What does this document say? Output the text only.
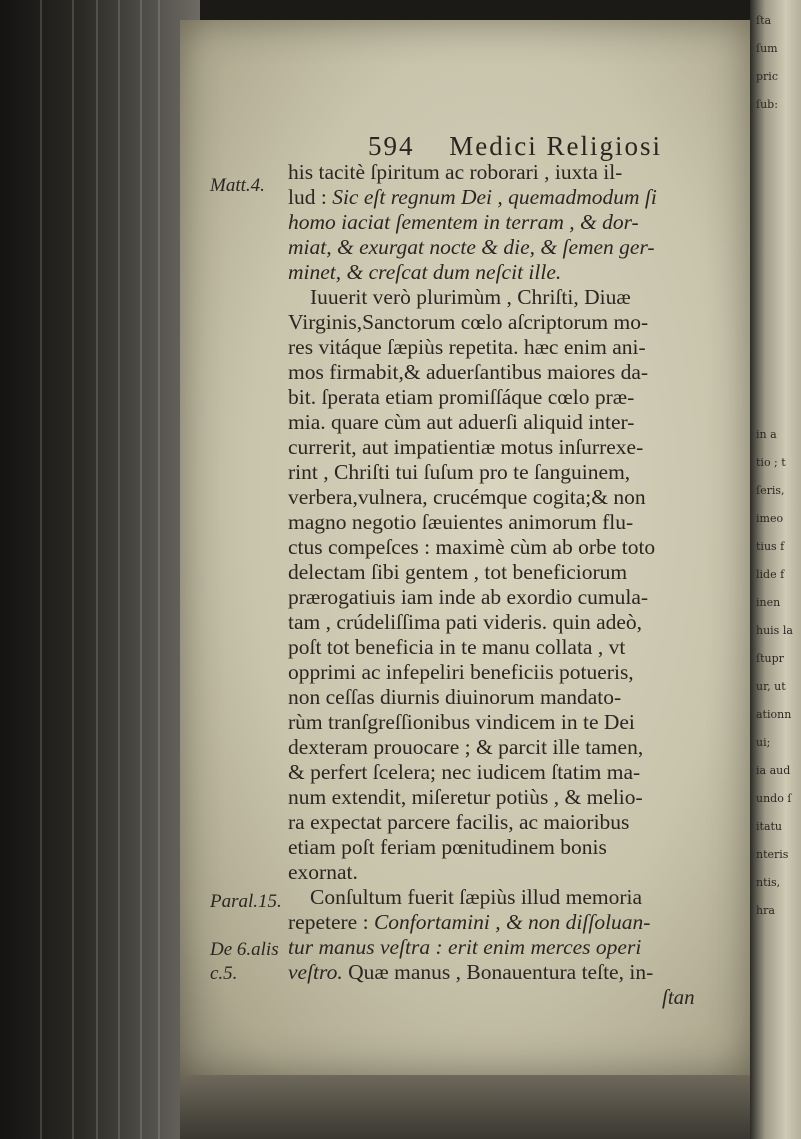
ſta
ſum
pric
ſub:
in a
tio ; t
ſeris,
imeo
tius f
lide f
inen
huis la
ſtupr
ur, ut
ationn
ui;
ia aud
undo ſ
itatu
nteris
ntis,
hra
594 Medici Religiosi
Matt.4.
Paral.15.
De 6.alis
c.5.
his tacitè ſpiritum ac roborari , iuxta il-
lud : Sic eſt regnum Dei , quemadmodum ſi
homo iaciat ſementem in terram , & dor-
miat, & exurgat nocte & die, & ſemen ger-
minet, & creſcat dum neſcit ille.
Iuuerit verò plurimùm , Chriſti, Diuæ
Virginis,Sanctorum cœlo aſcriptorum mo-
res vitáque ſæpiùs repetita. hæc enim ani-
mos firmabit,& aduerſantibus maiores da-
bit. ſperata etiam promiſſáque cœlo præ-
mia. quare cùm aut aduerſi aliquid inter-
currerit, aut impatientiæ motus inſurrexe-
rint , Chriſti tui ſuſum pro te ſanguinem,
verbera,vulnera, crucémque cogita;& non
magno negotio ſæuientes animorum flu-
ctus compeſces : maximè cùm ab orbe toto
delectam ſibi gentem , tot beneficiorum
prærogatiuis iam inde ab exordio cumula-
tam , crúdeliſſima pati videris. quin adeò,
poſt tot beneficia in te manu collata , vt
opprimi ac infepeliri beneficiis potueris,
non ceſſas diurnis diuinorum mandato-
rùm tranſgreſſionibus vindicem in te Dei
dexteram prouocare ; & parcit ille tamen,
& perfert ſcelera; nec iudicem ſtatim ma-
num extendit, miſeretur potiùs , & melio-
ra expectat parcere facilis, ac maioribus
etiam poſt feriam pœnitudinem bonis
exornat.
Conſultum fuerit ſæpiùs illud memoria
repetere : Confortamini , & non diſſoluan-
tur manus veſtra : erit enim merces operi
veſtro. Quæ manus , Bonauentura teſte, in-
ſtan
